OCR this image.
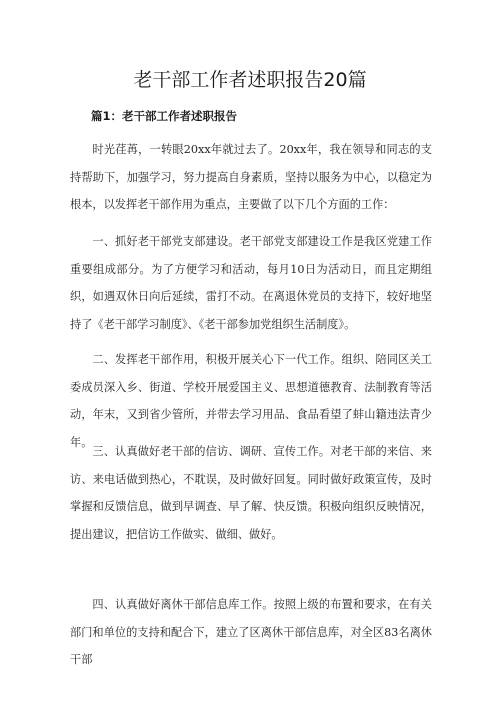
老干部工作者述职报告20篇
篇1：老干部工作者述职报告

时光荏苒，一转眼20xx年就过去了。20xx年，我在领导和同志的支持帮助下，加强学习，努力提高自身素质，坚持以服务为中心，以稳定为根本，以发挥老干部作用为重点，主要做了以下几个方面的工作：

一、抓好老干部党支部建设。老干部党支部建设工作是我区党建工作重要组成部分。为了方便学习和活动，每月10日为活动日，而且定期组织，如遇双休日向后延续，雷打不动。在离退休党员的支持下，较好地坚持了《老干部学习制度》、《老干部参加党组织生活制度》。

二、发挥老干部作用，积极开展关心下一代工作。组织、陪同区关工委成员深入乡、街道、学校开展爱国主义、思想道德教育、法制教育等活动，年末，又到省少管所，并带去学习用品、食品看望了蚌山籍违法青少年。

三、认真做好老干部的信访、调研、宣传工作。对老干部的来信、来访、来电话做到热心，不耽误，及时做好回复。同时做好政策宣传，及时掌握和反馈信息，做到早调查、早了解、快反馈。积极向组织反映情况，提出建议，把信访工作做实、做细、做好。

四、认真做好离休干部信息库工作。按照上级的布置和要求，在有关部门和单位的支持和配合下，建立了区离休干部信息库，对全区83名离休干部
